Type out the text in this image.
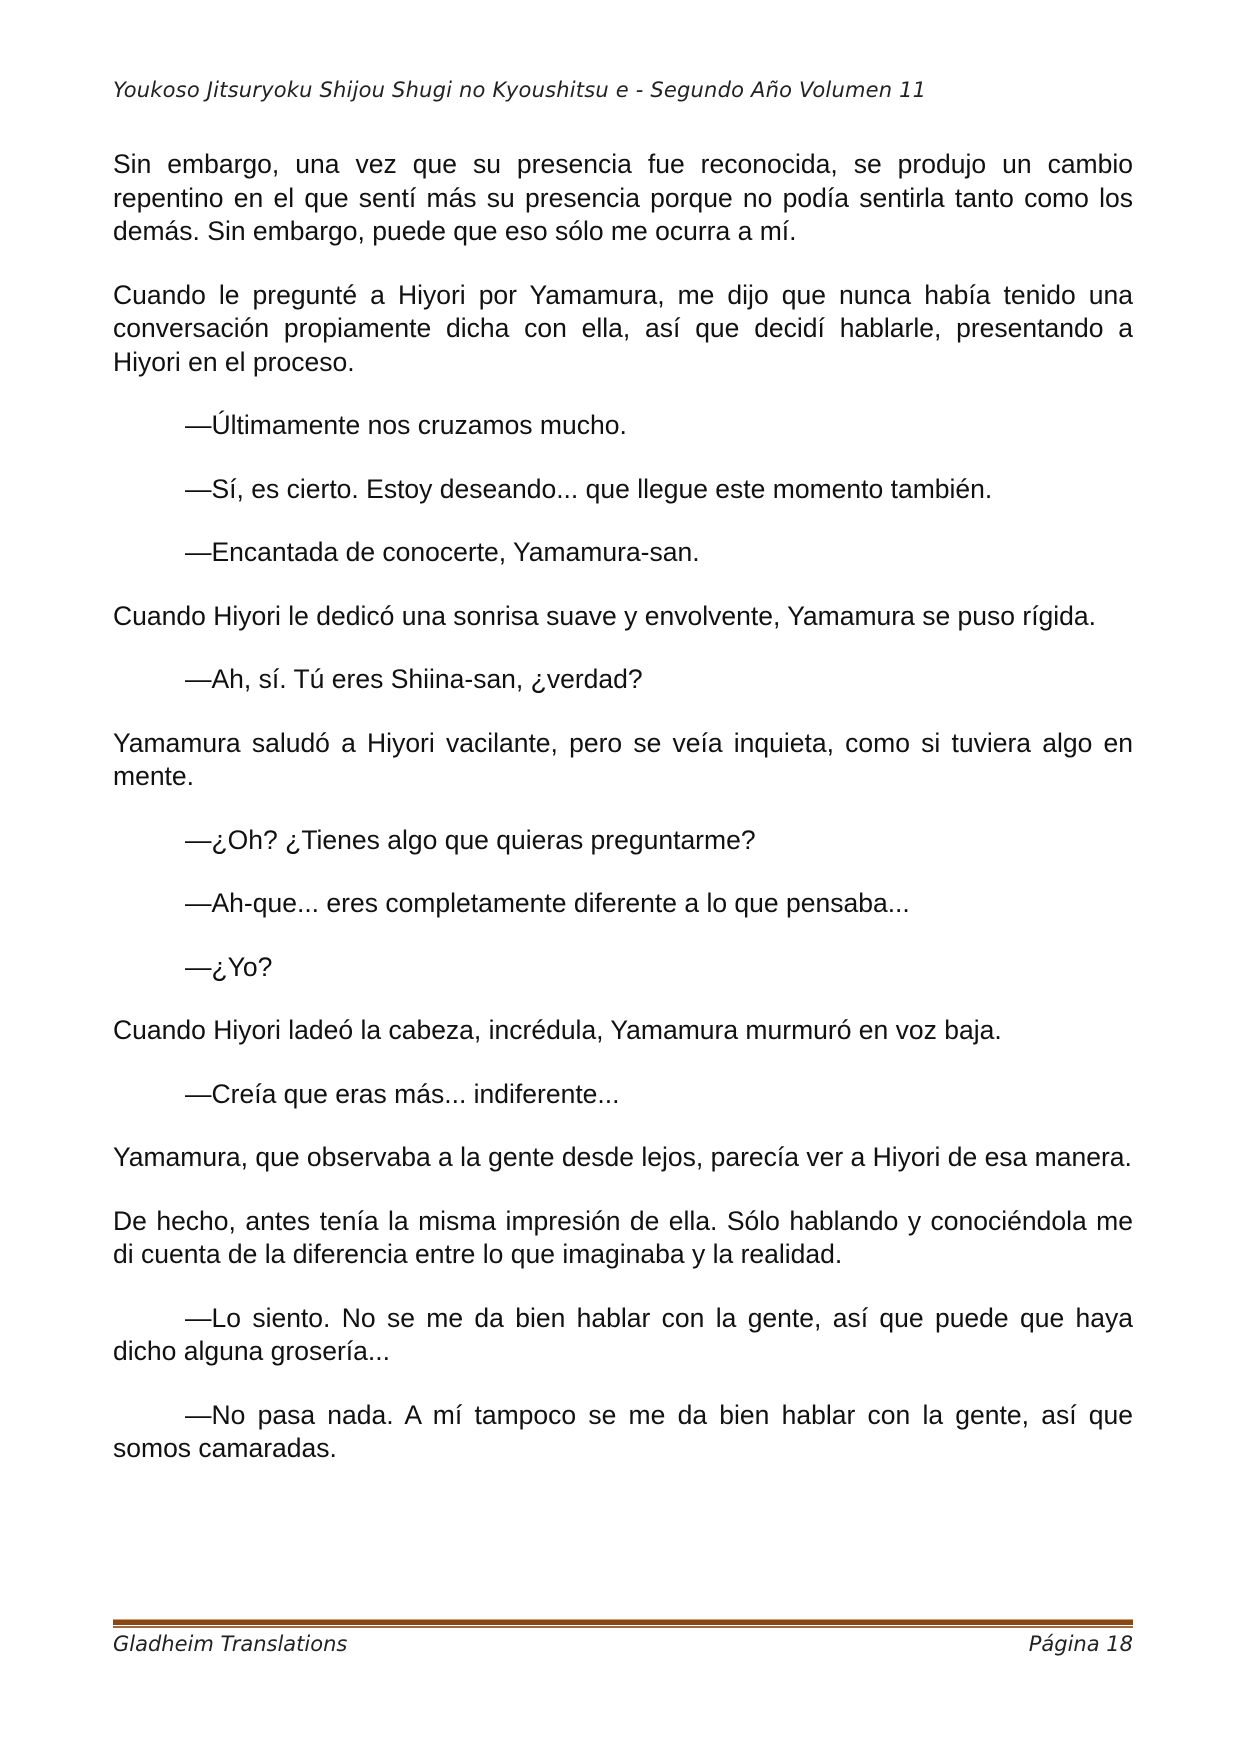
Youkoso Jitsuryoku Shijou Shugi no Kyoushitsu e - Segundo Año Volumen 11

Sin embargo, una vez que su presencia fue reconocida, se produjo un cambio repentino en el que sentí más su presencia porque no podía sentirla tanto como los demás. Sin embargo, puede que eso sólo me ocurra a mí.

Cuando le pregunté a Hiyori por Yamamura, me dijo que nunca había tenido una conversación propiamente dicha con ella, así que decidí hablarle, presentando a Hiyori en el proceso.

—Últimamente nos cruzamos mucho.

—Sí, es cierto. Estoy deseando... que llegue este momento también.

—Encantada de conocerte, Yamamura-san.

Cuando Hiyori le dedicó una sonrisa suave y envolvente, Yamamura se puso rígida.

—Ah, sí. Tú eres Shiina-san, ¿verdad?

Yamamura saludó a Hiyori vacilante, pero se veía inquieta, como si tuviera algo en mente.

—¿Oh? ¿Tienes algo que quieras preguntarme?

—Ah-que... eres completamente diferente a lo que pensaba...

—¿Yo?

Cuando Hiyori ladeó la cabeza, incrédula, Yamamura murmuró en voz baja.

—Creía que eras más... indiferente...

Yamamura, que observaba a la gente desde lejos, parecía ver a Hiyori de esa manera.

De hecho, antes tenía la misma impresión de ella. Sólo hablando y conociéndola me di cuenta de la diferencia entre lo que imaginaba y la realidad.

—Lo siento. No se me da bien hablar con la gente, así que puede que haya dicho alguna grosería...

—No pasa nada. A mí tampoco se me da bien hablar con la gente, así que somos camaradas.

Gladheim Translations	Página 18
